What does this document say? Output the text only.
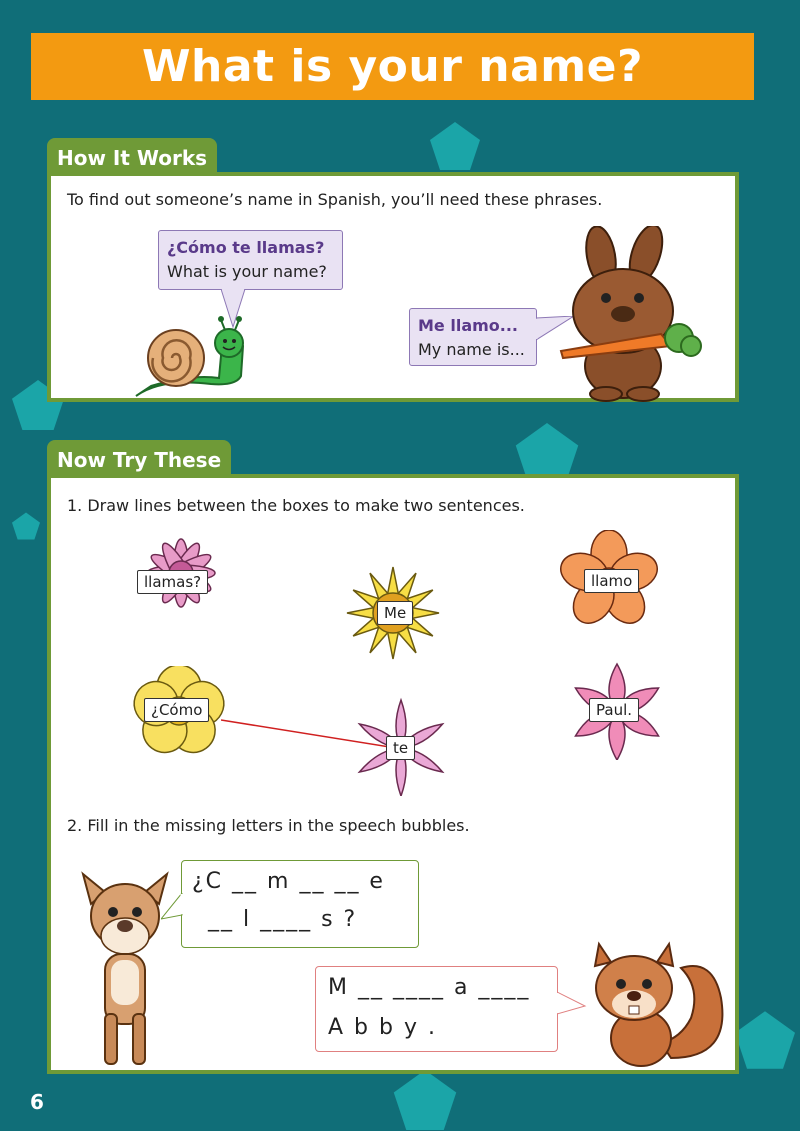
What is your name?
How It Works
To find out someone’s name in Spanish, you’ll need these phrases.
¿Cómo te llamas?
What is your name?
Me llamo...
My name is...
Now Try These
1. Draw lines between the boxes to make two sentences.
llamas?
Me
llamo
¿Cómo
te
Paul.
2. Fill in the missing letters in the speech bubbles.
¿C __ m __ __ e
__ l ____ s ?
M __ ____ a ____
A b b y .
6
